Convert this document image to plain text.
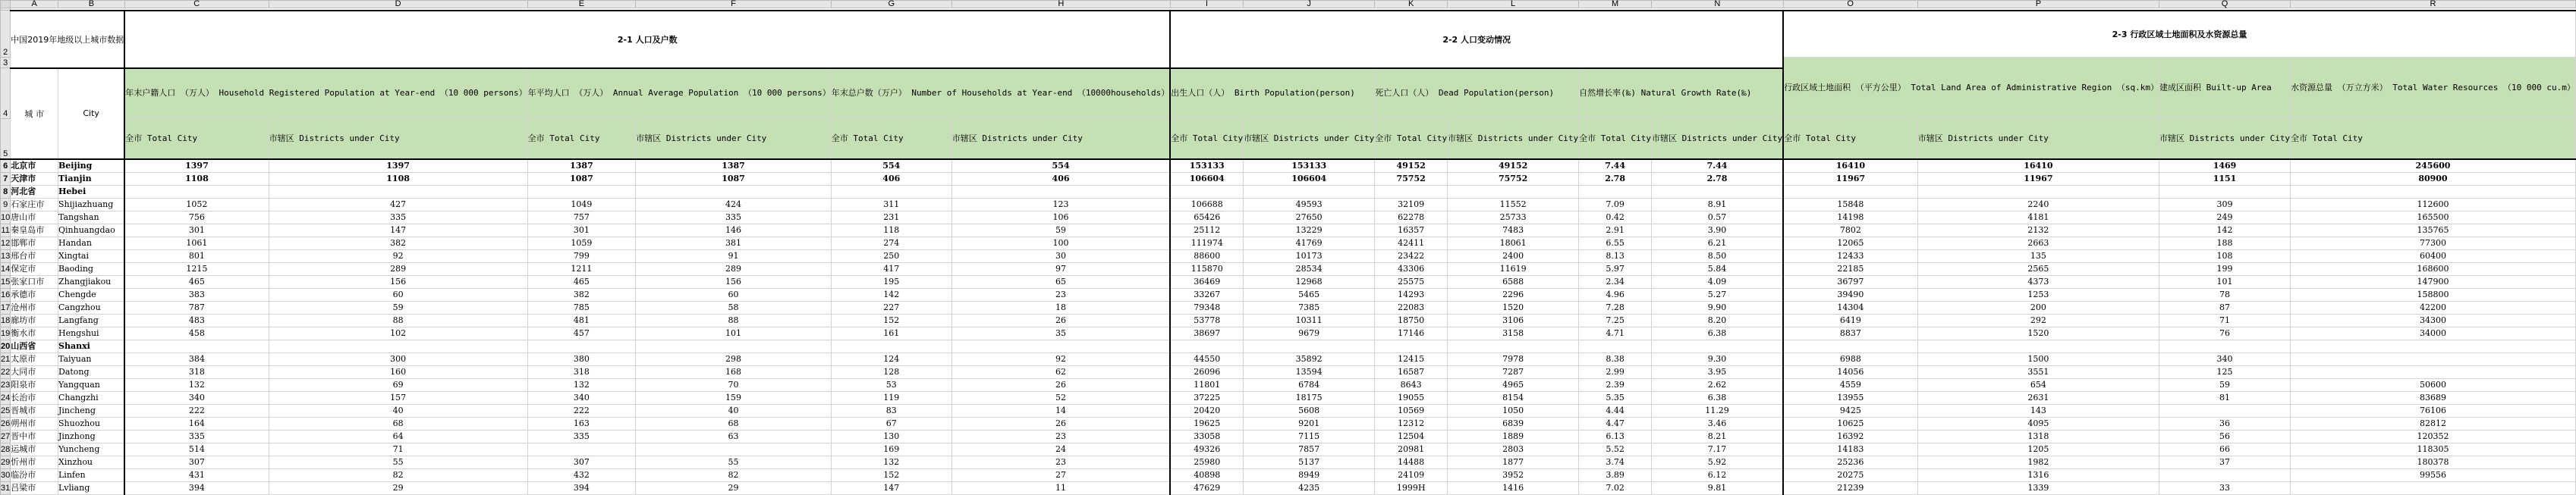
	A	B	C	D	E	F	G	H	I	J	K	L	M	N	O	P	Q	R

2	中国2019年地级以上城市数据		2-1 人口及户数						2-2 人口变动情况						2-3 行政区域土地面积及水资源总量			
3															行政区域土地面积 （平方公里） Total Land Area of Administrative Region （sq.km）		建成区面积 Built-up Area	水资源总量 （万立方米） Total Water Resources （10 000 cu.m）
4	城 市	City	年末户籍人口 （万人） Household Registered Population at Year-end （10 000 persons）		年平均人口 （万人） Annual Average Population （10 000 persons）		年末总户数（万户） Number of Households at Year-end （10000households）		出生人口（人） Birth Population(person)		死亡人口（人） Dead Population(person)		自然增长率(‰) Natural Growth Rate(‰)					
5			全市 Total City	市辖区 Districts under City	全市 Total City	市辖区 Districts under City	全市 Total City	市辖区 Districts under City	全市 Total City	市辖区 Districts under City	全市 Total City	市辖区 Districts under City	全市 Total City	市辖区 Districts under City	全市 Total City	市辖区 Districts under City	市辖区 Districts under City	全市 Total City
6	北京市	Beijing	1397	1397	1387	1387	554	554	153133	153133	49152	49152	7.44	7.44	16410	16410	1469	245600
7	天津市	Tianjin	1108	1108	1087	1087	406	406	106604	106604	75752	75752	2.78	2.78	11967	11967	1151	80900
8	河北省	Hebei																
9	石家庄市	Shijiazhuang	1052	427	1049	424	311	123	106688	49593	32109	11552	7.09	8.91	15848	2240	309	112600
10	唐山市	Tangshan	756	335	757	335	231	106	65426	27650	62278	25733	0.42	0.57	14198	4181	249	165500
11	秦皇岛市	Qinhuangdao	301	147	301	146	118	59	25112	13229	16357	7483	2.91	3.90	7802	2132	142	135765
12	邯郸市	Handan	1061	382	1059	381	274	100	111974	41769	42411	18061	6.55	6.21	12065	2663	188	77300
13	邢台市	Xingtai	801	92	799	91	250	30	88600	10173	23422	2400	8.13	8.50	12433	135	108	60400
14	保定市	Baoding	1215	289	1211	289	417	97	115870	28534	43306	11619	5.97	5.84	22185	2565	199	168600
15	张家口市	Zhangjiakou	465	156	465	156	195	65	36469	12968	25575	6588	2.34	4.09	36797	4373	101	147900
16	承德市	Chengde	383	60	382	60	142	23	33267	5465	14293	2296	4.96	5.27	39490	1253	78	158800
17	沧州市	Cangzhou	787	59	785	58	227	18	79348	7385	22083	1520	7.28	9.90	14304	200	87	42200
18	廊坊市	Langfang	483	88	481	88	152	26	53778	10311	18750	3106	7.25	8.20	6419	292	71	34300
19	衡水市	Hengshui	458	102	457	101	161	35	38697	9679	17146	3158	4.71	6.38	8837	1520	76	34000
20	山西省	Shanxi																
21	太原市	Taiyuan	384	300	380	298	124	92	44550	35892	12415	7978	8.38	9.30	6988	1500	340	
22	大同市	Datong	318	160	318	168	128	62	26096	13594	16587	7287	2.99	3.95	14056	3551	125	
23	阳泉市	Yangquan	132	69	132	70	53	26	11801	6784	8643	4965	2.39	2.62	4559	654	59	50600
24	长治市	Changzhi	340	157	340	159	119	52	37225	18175	19055	8154	5.35	6.38	13955	2631	81	83689
25	晋城市	Jincheng	222	40	222	40	83	14	20420	5608	10569	1050	4.44	11.29	9425	143		76106
26	朔州市	Shuozhou	164	68	163	68	67	26	19625	9201	12312	6839	4.47	3.46	10625	4095	36	82812
27	晋中市	Jinzhong	335	64	335	63	130	23	33058	7115	12504	1889	6.13	8.21	16392	1318	56	120352
28	运城市	Yuncheng	514	71			169	24	49326	7857	20981	2803	5.52	7.17	14183	1205	66	118305
29	忻州市	Xinzhou	307	55	307	55	132	23	25980	5137	14488	1877	3.74	5.92	25236	1982	37	180378
30	临汾市	Linfen	431	82	432	82	152	27	40898	8949	24109	3952	3.89	6.12	20275	1316		99556
31	吕梁市	Lvliang	394	29	394	29	147	11	47629	4235	1999H	1416	7.02	9.81	21239	1339	33	
